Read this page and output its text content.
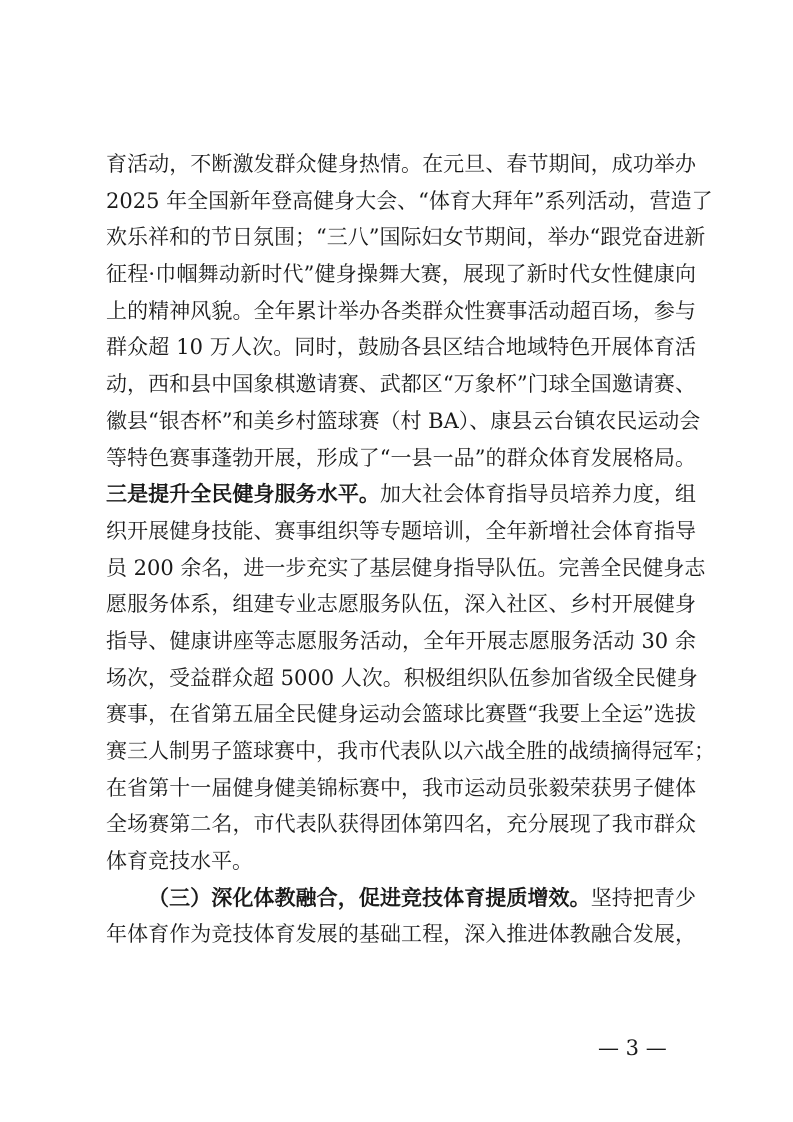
育活动，不断激发群众健身热情。在元旦、春节期间，成功举办
2025 年全国新年登高健身大会、“体育大拜年”系列活动，营造了
欢乐祥和的节日氛围；“三八”国际妇女节期间，举办“跟党奋进新
征程·巾帼舞动新时代”健身操舞大赛，展现了新时代女性健康向
上的精神风貌。全年累计举办各类群众性赛事活动超百场，参与
群众超 10 万人次。同时，鼓励各县区结合地域特色开展体育活
动，西和县中国象棋邀请赛、武都区“万象杯”门球全国邀请赛、
徽县“银杏杯”和美乡村篮球赛（村 BA）、康县云台镇农民运动会
等特色赛事蓬勃开展，形成了“一县一品”的群众体育发展格局。
三是提升全民健身服务水平。加大社会体育指导员培养力度，组
织开展健身技能、赛事组织等专题培训，全年新增社会体育指导
员 200 余名，进一步充实了基层健身指导队伍。完善全民健身志
愿服务体系，组建专业志愿服务队伍，深入社区、乡村开展健身
指导、健康讲座等志愿服务活动，全年开展志愿服务活动 30 余
场次，受益群众超 5000 人次。积极组织队伍参加省级全民健身
赛事，在省第五届全民健身运动会篮球比赛暨“我要上全运”选拔
赛三人制男子篮球赛中，我市代表队以六战全胜的战绩摘得冠军；
在省第十一届健身健美锦标赛中，我市运动员张毅荣获男子健体
全场赛第二名，市代表队获得团体第四名，充分展现了我市群众
体育竞技水平。
（三）深化体教融合，促进竞技体育提质增效。坚持把青少
年体育作为竞技体育发展的基础工程，深入推进体教融合发展，
— 3 —
